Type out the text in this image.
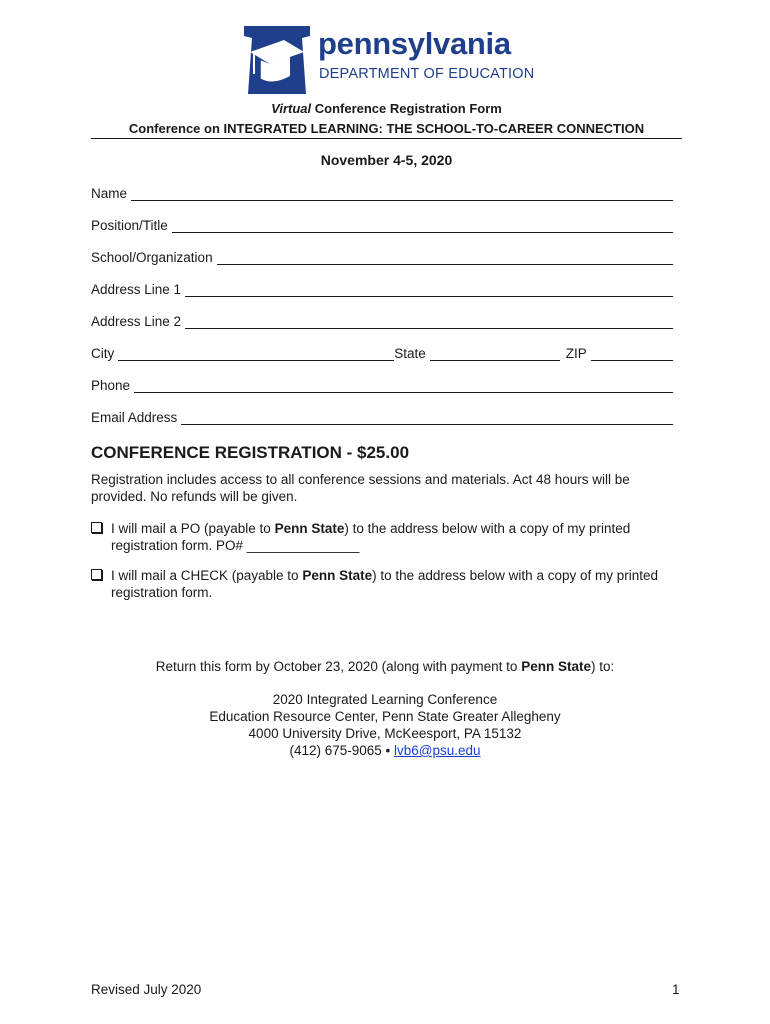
pennsylvania
DEPARTMENT OF EDUCATION
Virtual Conference Registration Form
Conference on INTEGRATED LEARNING: THE SCHOOL-TO-CAREER CONNECTION
November 4-5, 2020
Name
Position/Title
School/Organization
Address Line 1
Address Line 2
City	State	ZIP
Phone
Email Address
CONFERENCE REGISTRATION - $25.00
Registration includes access to all conference sessions and materials. Act 48 hours will be provided. No refunds will be given.
I will mail a PO (payable to Penn State) to the address below with a copy of my printed registration form. PO# _______________
I will mail a CHECK (payable to Penn State) to the address below with a copy of my printed registration form.
Return this form by October 23, 2020 (along with payment to Penn State) to:
2020 Integrated Learning Conference
Education Resource Center, Penn State Greater Allegheny
4000 University Drive, McKeesport, PA 15132
(412) 675-9065 • lvb6@psu.edu
Revised July 2020	1
